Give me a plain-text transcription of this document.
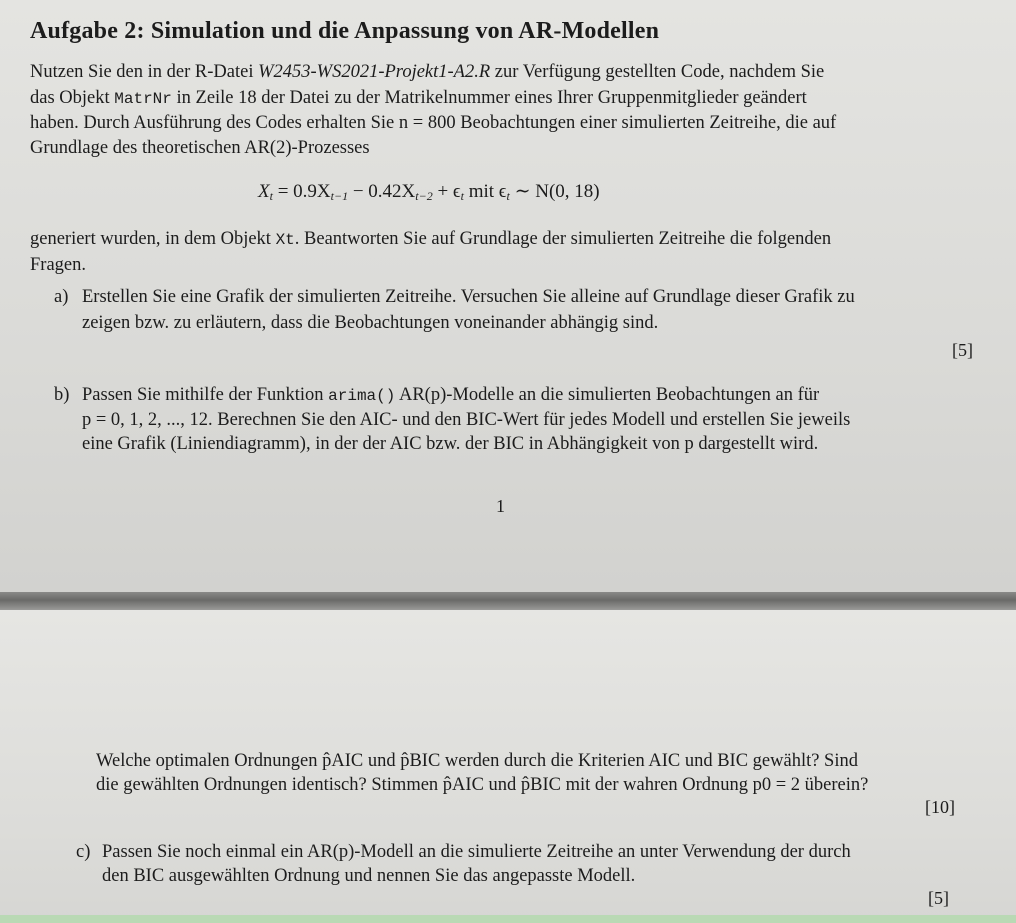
Aufgabe 2: Simulation und die Anpassung von AR-Modellen
Nutzen Sie den in der R-Datei W2453-WS2021-Projekt1-A2.R zur Verfügung gestellten Code, nachdem Sie
das Objekt MatrNr in Zeile 18 der Datei zu der Matrikelnummer eines Ihrer Gruppenmitglieder geändert
haben. Durch Ausführung des Codes erhalten Sie n = 800 Beobachtungen einer simulierten Zeitreihe, die auf
Grundlage des theoretischen AR(2)-Prozesses
$X_t = 0.9X_{t-1} - 0.42X_{t-2} + \epsilon_t$ mit $\epsilon_t$ ∼ N(0, 18)
generiert wurden, in dem Objekt Xt. Beantworten Sie auf Grundlage der simulierten Zeitreihe die folgenden
Fragen.
a) Erstellen Sie eine Grafik der simulierten Zeitreihe. Versuchen Sie alleine auf Grundlage dieser Grafik zu
zeigen bzw. zu erläutern, dass die Beobachtungen voneinander abhängig sind.
[5]
b) Passen Sie mithilfe der Funktion arima() AR(p)-Modelle an die simulierten Beobachtungen an für
p = 0, 1, 2, ..., 12. Berechnen Sie den AIC- und den BIC-Wert für jedes Modell und erstellen Sie jeweils
eine Grafik (Liniendiagramm), in der der AIC bzw. der BIC in Abhängigkeit von p dargestellt wird.
1
Welche optimalen Ordnungen p̂AIC und p̂BIC werden durch die Kriterien AIC und BIC gewählt? Sind
die gewählten Ordnungen identisch? Stimmen p̂AIC und p̂BIC mit der wahren Ordnung p0 = 2 überein?
[10]
c) Passen Sie noch einmal ein AR(p)-Modell an die simulierte Zeitreihe an unter Verwendung der durch
den BIC ausgewählten Ordnung und nennen Sie das angepasste Modell.
[5]
